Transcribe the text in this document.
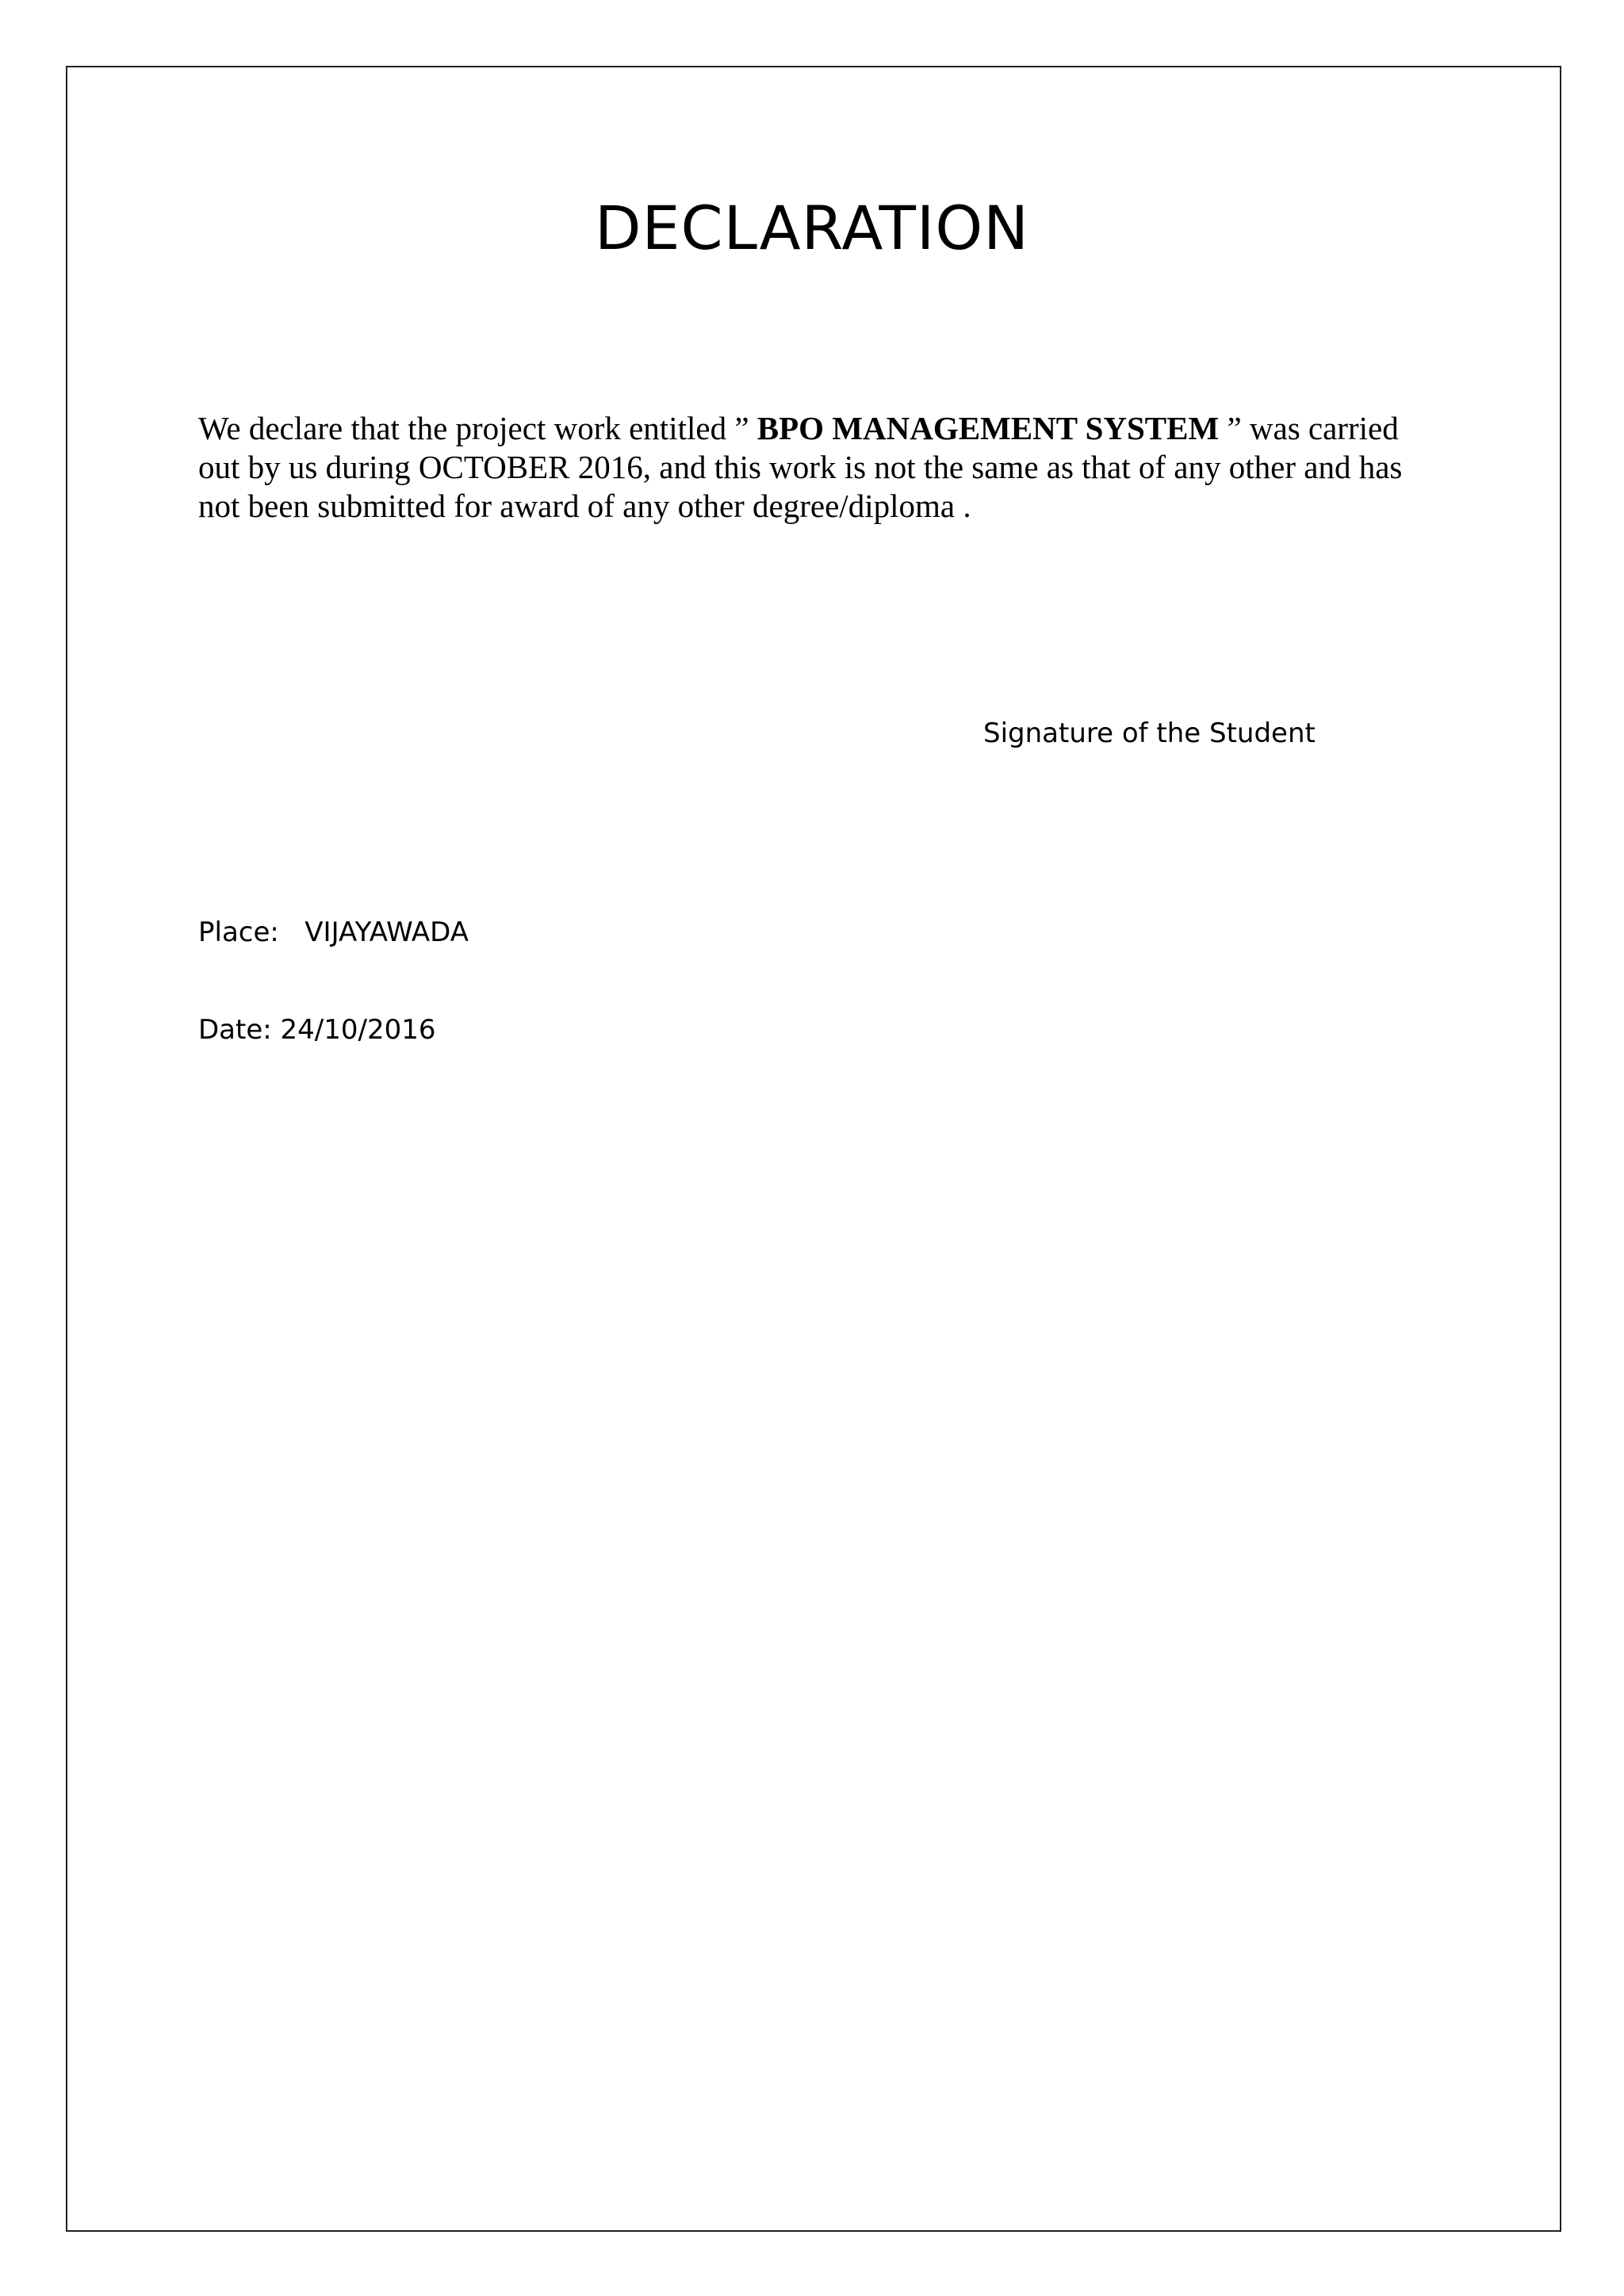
DECLARATION
We declare that the project work entitled ” BPO MANAGEMENT SYSTEM ” was carried
out by us during OCTOBER 2016, and this work is not the same as that of any other and has
not been submitted for award of any other degree/diploma .
Signature of the Student
Place: VIJAYAWADA
Date: 24/10/2016
